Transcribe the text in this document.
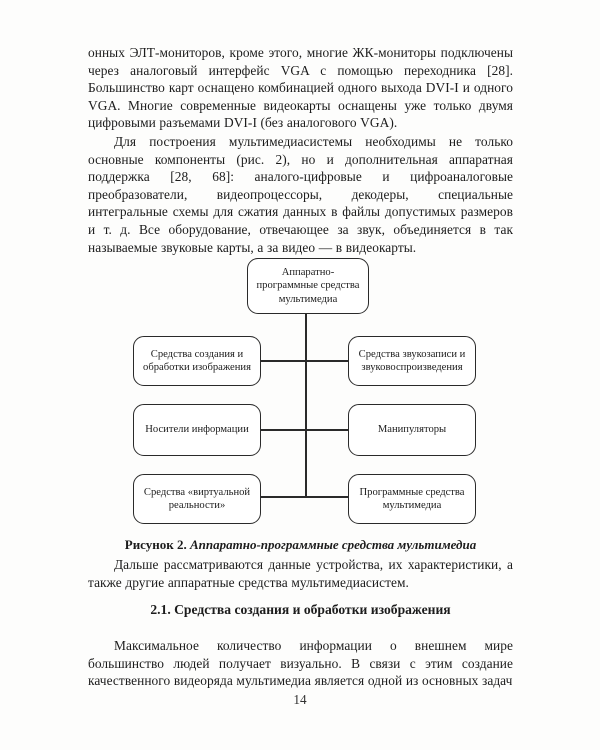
онных ЭЛТ-мониторов, кроме этого, многие ЖК-мониторы подключены через аналоговый интерфейс VGA с помощью переходника [28]. Большинство карт оснащено комбинацией одного выхода DVI-I и одного VGA. Многие современные видеокарты оснащены уже только двумя цифровыми разъемами DVI-I (без аналогового VGA).

Для построения мультимедиасистемы необходимы не только основные компоненты (рис. 2), но и дополнительная аппаратная поддержка [28, 68]: аналого-цифровые и цифроаналоговые преобразователи, видеопроцессоры, декодеры, специальные интегральные схемы для сжатия данных в файлы допустимых размеров и т. д. Все оборудование, отвечающее за звук, объединяется в так называемые звуковые карты, а за видео — в видеокарты.

Аппаратно-программные средства мультимедиа
Средства создания и обработки изображения
Средства звукозаписи и звуковоспроизведения
Носители информации	Манипуляторы
Средства «виртуальной реальности»
Программные средства мультимедиа
Рисунок 2. Аппаратно-программные средства мультимедиа

Дальше рассматриваются данные устройства, их характеристики, а также другие аппаратные средства мультимедиасистем.

2.1. Средства создания и обработки изображения

Максимальное количество информации о внешнем мире большинство людей получает визуально. В связи с этим создание качественного видеоряда мультимедиа является одной из основных задач

14
